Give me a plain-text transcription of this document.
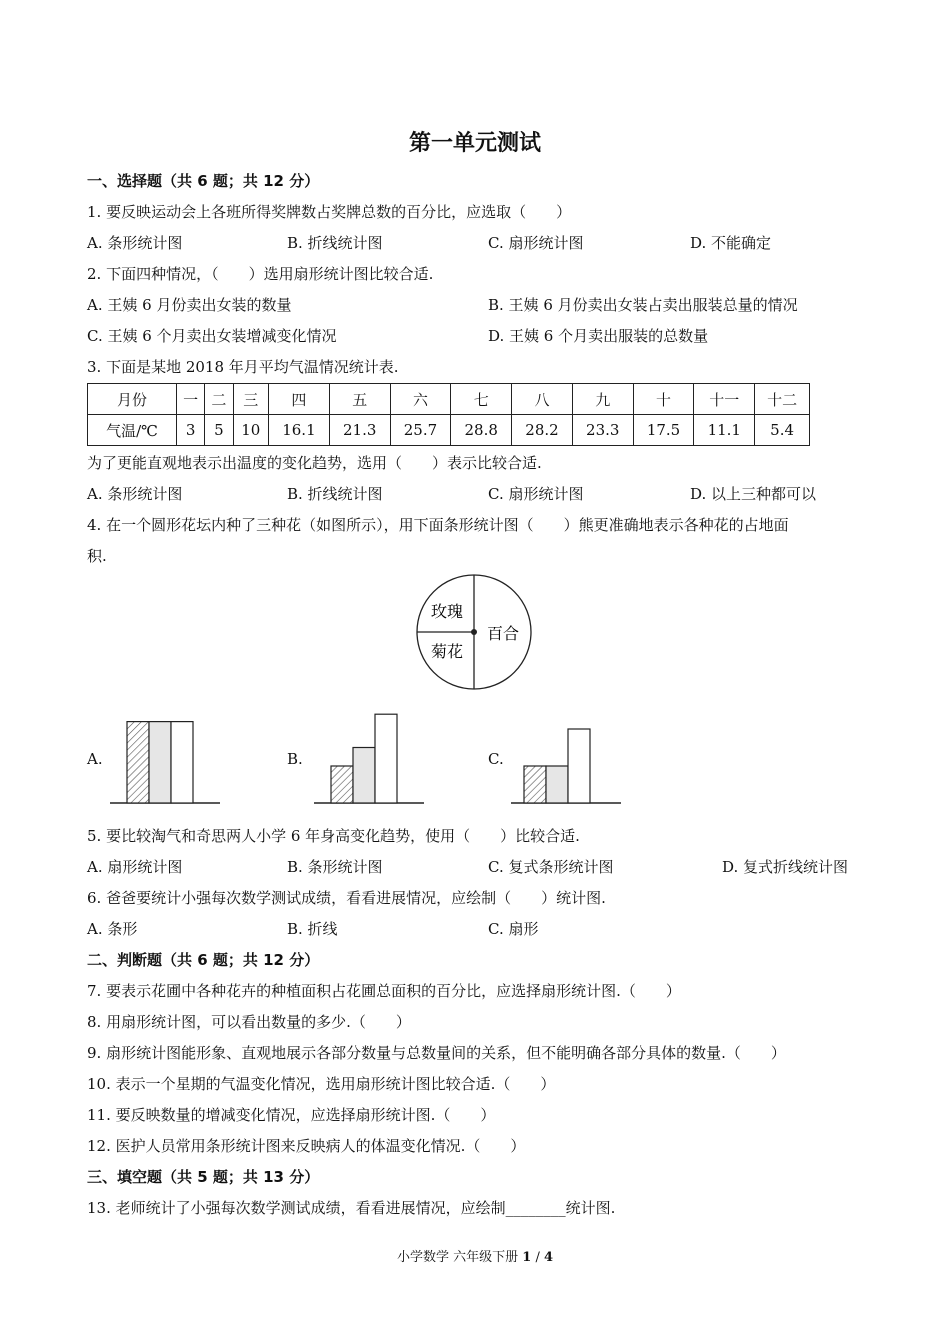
第一单元测试
一、选择题（共 6 题；共 12 分）
1. 要反映运动会上各班所得奖牌数占奖牌总数的百分比，应选取（　　）
A. 条形统计图	B. 折线统计图	C. 扇形统计图	D. 不能确定
2. 下面四种情况，（　　）选用扇形统计图比较合适.
A. 王姨 6 月份卖出女装的数量	B. 王姨 6 月份卖出女装占卖出服装总量的情况
C. 王姨 6 个月卖出女装增减变化情况	D. 王姨 6 个月卖出服装的总数量
3. 下面是某地 2018 年月平均气温情况统计表.
月份	一	二	三	四	五	六	七	八	九	十	十一	十二
气温/℃	3	5	10	16.1	21.3	25.7	28.8	28.2	23.3	17.5	11.1	5.4
为了更能直观地表示出温度的变化趋势，选用（　　）表示比较合适.
A. 条形统计图	B. 折线统计图	C. 扇形统计图	D. 以上三种都可以
4. 在一个圆形花坛内种了三种花（如图所示），用下面条形统计图（　　）熊更准确地表示各种花的占地面
积.
玫瑰
百合
菊花
A.	B.	C.
5. 要比较淘气和奇思两人小学 6 年身高变化趋势，使用（　　）比较合适.
A. 扇形统计图	B. 条形统计图	C. 复式条形统计图	D. 复式折线统计图
6. 爸爸要统计小强每次数学测试成绩，看看进展情况，应绘制（　　）统计图.
A. 条形	B. 折线	C. 扇形
二、判断题（共 6 题；共 12 分）
7. 要表示花圃中各种花卉的种植面积占花圃总面积的百分比，应选择扇形统计图.（　　）
8. 用扇形统计图，可以看出数量的多少.（　　）
9. 扇形统计图能形象、直观地展示各部分数量与总数量间的关系，但不能明确各部分具体的数量.（　　）
10. 表示一个星期的气温变化情况，选用扇形统计图比较合适.（　　）
11. 要反映数量的增减变化情况，应选择扇形统计图.（　　）
12. 医护人员常用条形统计图来反映病人的体温变化情况.（　　）
三、填空题（共 5 题；共 13 分）
13. 老师统计了小强每次数学测试成绩，看看进展情况，应绘制________统计图.
小学数学 六年级下册 1 / 4
